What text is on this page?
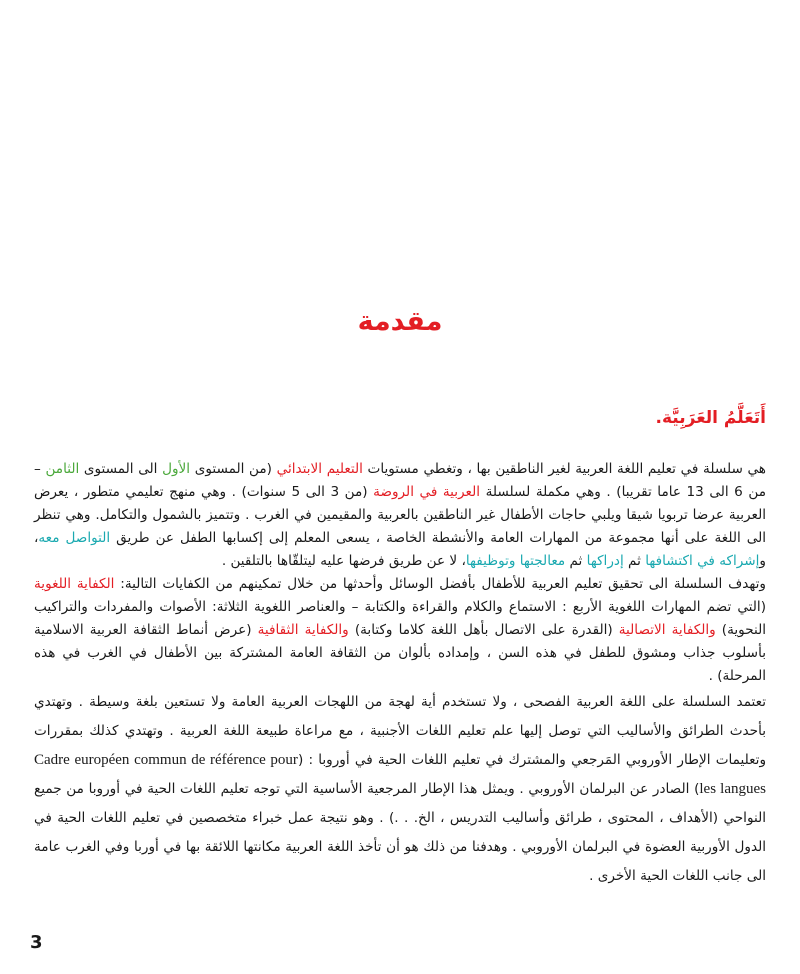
مقدمة
أَتَعَلَّمُ العَرَبِيَّة.

هي سلسلة في تعليم اللغة العربية لغير الناطقين بها ، وتغطي مستويات التعليم الابتدائي (من المستوى الأول الى المستوى الثامن – من 6 الى 13 عاما تقريبا) . وهي مكملة لسلسلة العربية في الروضة (من 3 الى 5 سنوات) . وهي منهج تعليمي متطور ، يعرض العربية عرضا تربويا شيقا ويلبي حاجات الأطفال غير الناطقين بالعربية والمقيمين في الغرب . وتتميز بالشمول والتكامل. وهي تنظر الى اللغة على أنها مجموعة من المهارات العامة والأنشطة الخاصة ، يسعى المعلم إلى إكسابها الطفل عن طريق التواصل معه، وإشراكه في اكتشافها ثم إدراكها ثم معالجتها وتوظيفها، لا عن طريق فرضها عليه ليتلقّاها بالتلقين .

وتهدف السلسلة الى تحقيق تعليم العربية للأطفال بأفضل الوسائل وأحدثها من خلال تمكينهم من الكفايات التالية: الكفاية اللغوية (التي تضم المهارات اللغوية الأربع : الاستماع والكلام والقراءة والكتابة – والعناصر اللغوية الثلاثة: الأصوات والمفردات والتراكيب النحوية) والكفاية الاتصالية (القدرة على الاتصال بأهل اللغة كلاما وكتابة) والكفاية الثقافية (عرض أنماط الثقافة العربية الاسلامية بأسلوب جذاب ومشوق للطفل في هذه السن ، وإمداده بألوان من الثقافة العامة المشتركة بين الأطفال في الغرب في هذه المرحلة) .

تعتمد السلسلة على اللغة العربية الفصحى ، ولا تستخدم أية لهجة من اللهجات العربية العامة ولا تستعين بلغة وسيطة . وتهتدي بأحدث الطرائق والأساليب التي توصل إليها علم تعليم اللغات الأجنبية ، مع مراعاة طبيعة اللغة العربية . وتهتدي كذلك بمقررات وتعليمات الإطار الأوروبي المَرجعي والمشترك في تعليم اللغات الحية في أوروبا : (Cadre européen commun de référence pour les langues) الصادر عن البرلمان الأوروبي . ويمثل هذا الإطار المرجعية الأساسية التي توجه تعليم اللغات الحية في أوروبا من جميع النواحي (الأهداف ، المحتوى ، طرائق وأساليب التدريس ، الخ. . .) . وهو نتيجة عمل خبراء متخصصين في تعليم اللغات الحية في الدول الأوربية العضوة في البرلمان الأوروبي . وهدفنا من ذلك هو أن تأخذ اللغة العربية مكانتها اللائقة بها في أوربا وفي الغرب عامة الى جانب اللغات الحية الأخرى .

3
